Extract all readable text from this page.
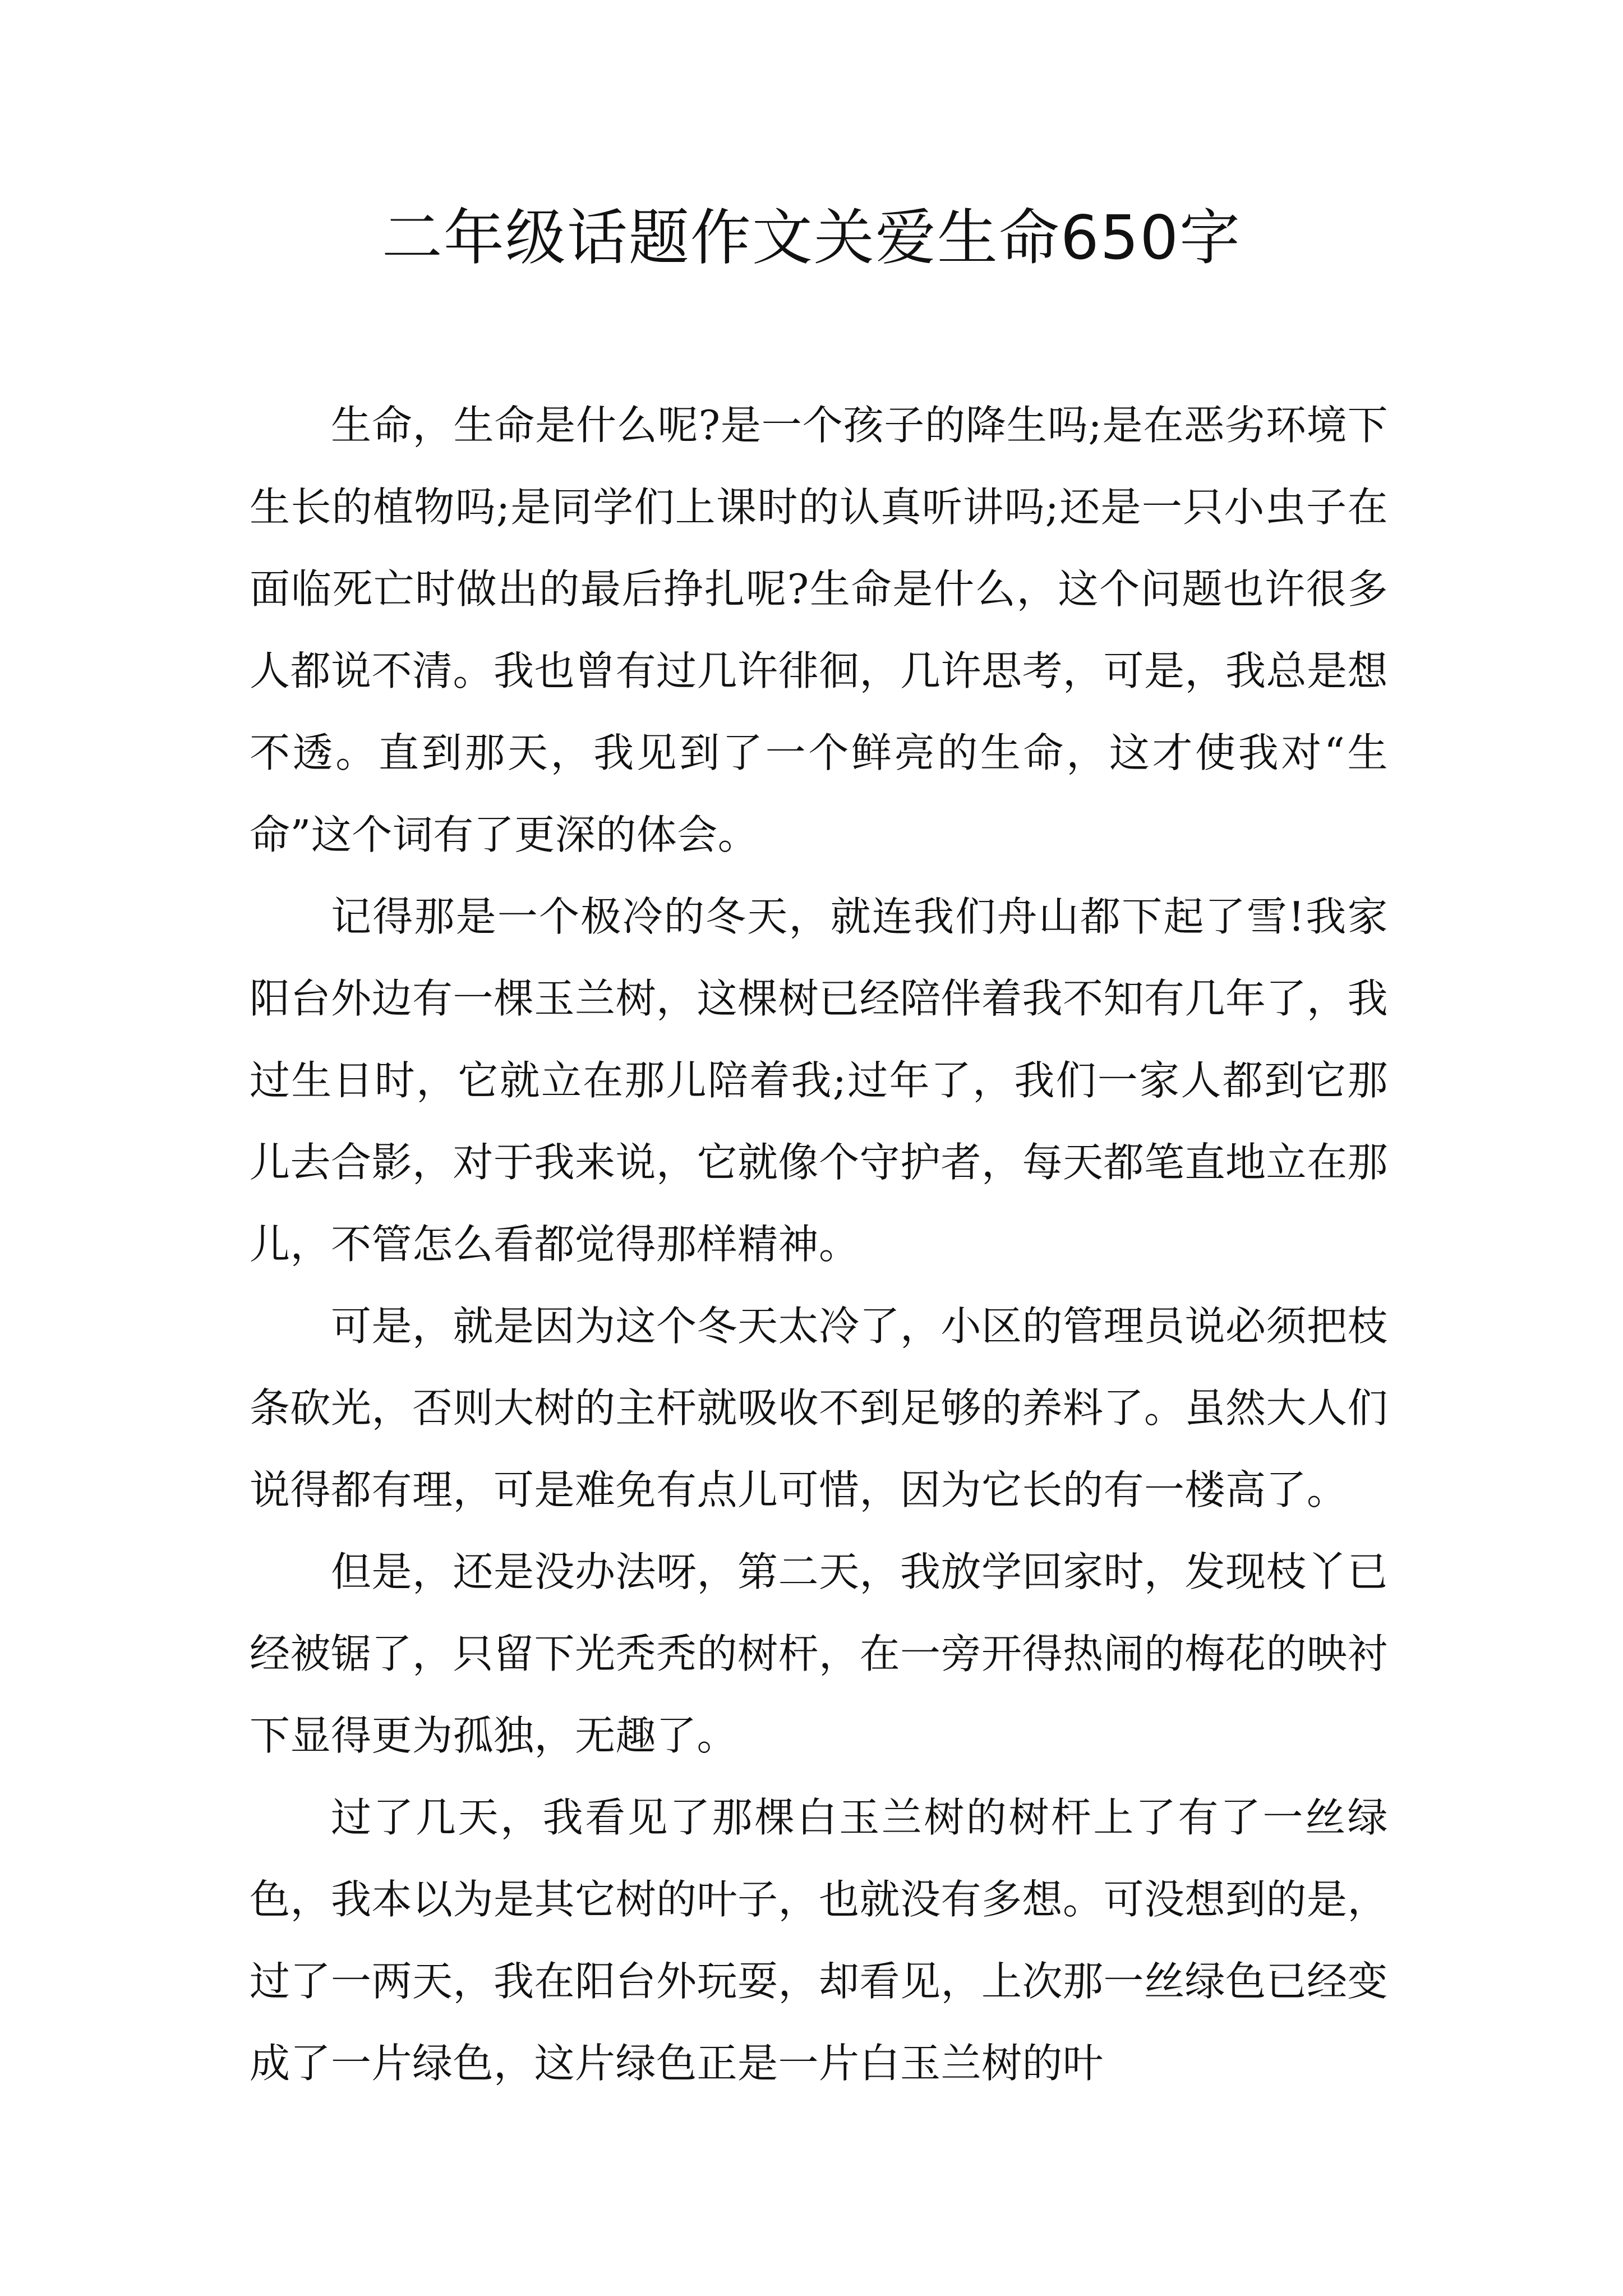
二年级话题作文关爱生命650字

生命，生命是什么呢?是一个孩子的降生吗;是在恶劣环境下生长的植物吗;是同学们上课时的认真听讲吗;还是一只小虫子在面临死亡时做出的最后挣扎呢?生命是什么，这个问题也许很多人都说不清。我也曾有过几许徘徊，几许思考，可是，我总是想不透。直到那天，我见到了一个鲜亮的生命，这才使我对“生命”这个词有了更深的体会。

记得那是一个极冷的冬天，就连我们舟山都下起了雪!我家阳台外边有一棵玉兰树，这棵树已经陪伴着我不知有几年了，我过生日时，它就立在那儿陪着我;过年了，我们一家人都到它那儿去合影，对于我来说，它就像个守护者，每天都笔直地立在那儿，不管怎么看都觉得那样精神。

可是，就是因为这个冬天太冷了，小区的管理员说必须把枝条砍光，否则大树的主杆就吸收不到足够的养料了。虽然大人们说得都有理，可是难免有点儿可惜，因为它长的有一楼高了。

但是，还是没办法呀，第二天，我放学回家时，发现枝丫已经被锯了，只留下光秃秃的树杆，在一旁开得热闹的梅花的映衬下显得更为孤独，无趣了。

过了几天，我看见了那棵白玉兰树的树杆上了有了一丝绿色，我本以为是其它树的叶子，也就没有多想。可没想到的是，过了一两天，我在阳台外玩耍，却看见，上次那一丝绿色已经变成了一片绿色，这片绿色正是一片白玉兰树的叶
